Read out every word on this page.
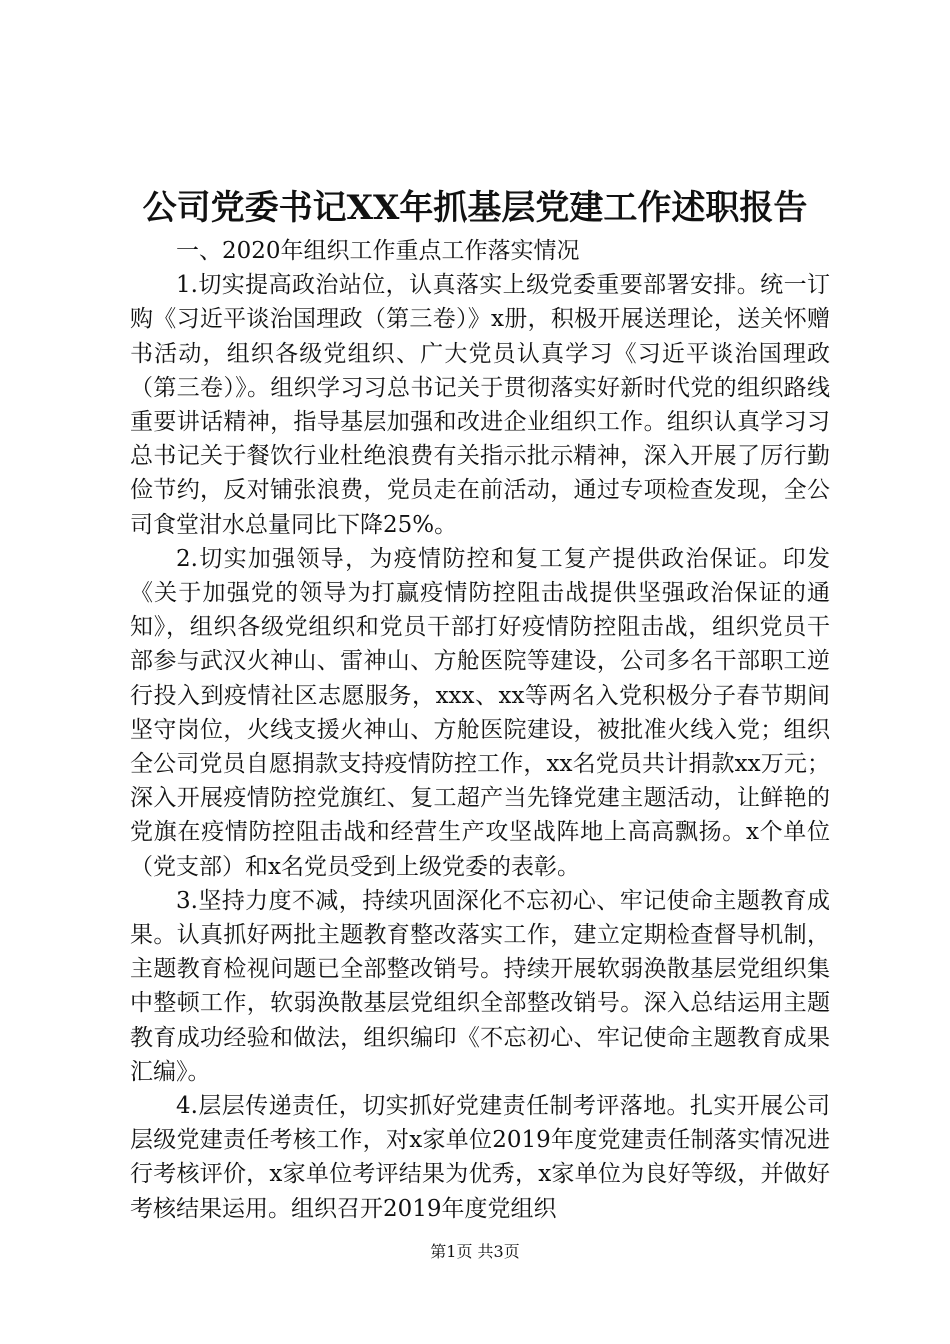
公司党委书记XX年抓基层党建工作述职报告

一、2020年组织工作重点工作落实情况

1.切实提高政治站位，认真落实上级党委重要部署安排。统一订购《习近平谈治国理政（第三卷）》x册，积极开展送理论，送关怀赠书活动，组织各级党组织、广大党员认真学习《习近平谈治国理政（第三卷）》。组织学习习总书记关于贯彻落实好新时代党的组织路线重要讲话精神，指导基层加强和改进企业组织工作。组织认真学习习总书记关于餐饮行业杜绝浪费有关指示批示精神，深入开展了厉行勤俭节约，反对铺张浪费，党员走在前活动，通过专项检查发现，全公司食堂泔水总量同比下降25%。

2.切实加强领导，为疫情防控和复工复产提供政治保证。印发《关于加强党的领导为打赢疫情防控阻击战提供坚强政治保证的通知》，组织各级党组织和党员干部打好疫情防控阻击战，组织党员干部参与武汉火神山、雷神山、方舱医院等建设，公司多名干部职工逆行投入到疫情社区志愿服务，xxx、xx等两名入党积极分子春节期间坚守岗位，火线支援火神山、方舱医院建设，被批准火线入党；组织全公司党员自愿捐款支持疫情防控工作，xx名党员共计捐款xx万元；深入开展疫情防控党旗红、复工超产当先锋党建主题活动，让鲜艳的党旗在疫情防控阻击战和经营生产攻坚战阵地上高高飘扬。x个单位（党支部）和x名党员受到上级党委的表彰。

3.坚持力度不减，持续巩固深化不忘初心、牢记使命主题教育成果。认真抓好两批主题教育整改落实工作，建立定期检查督导机制，主题教育检视问题已全部整改销号。持续开展软弱涣散基层党组织集中整顿工作，软弱涣散基层党组织全部整改销号。深入总结运用主题教育成功经验和做法，组织编印《不忘初心、牢记使命主题教育成果汇编》。

4.层层传递责任，切实抓好党建责任制考评落地。扎实开展公司层级党建责任考核工作，对x家单位2019年度党建责任制落实情况进行考核评价，x家单位考评结果为优秀，x家单位为良好等级，并做好考核结果运用。组织召开2019年度党组织

第1页 共3页
